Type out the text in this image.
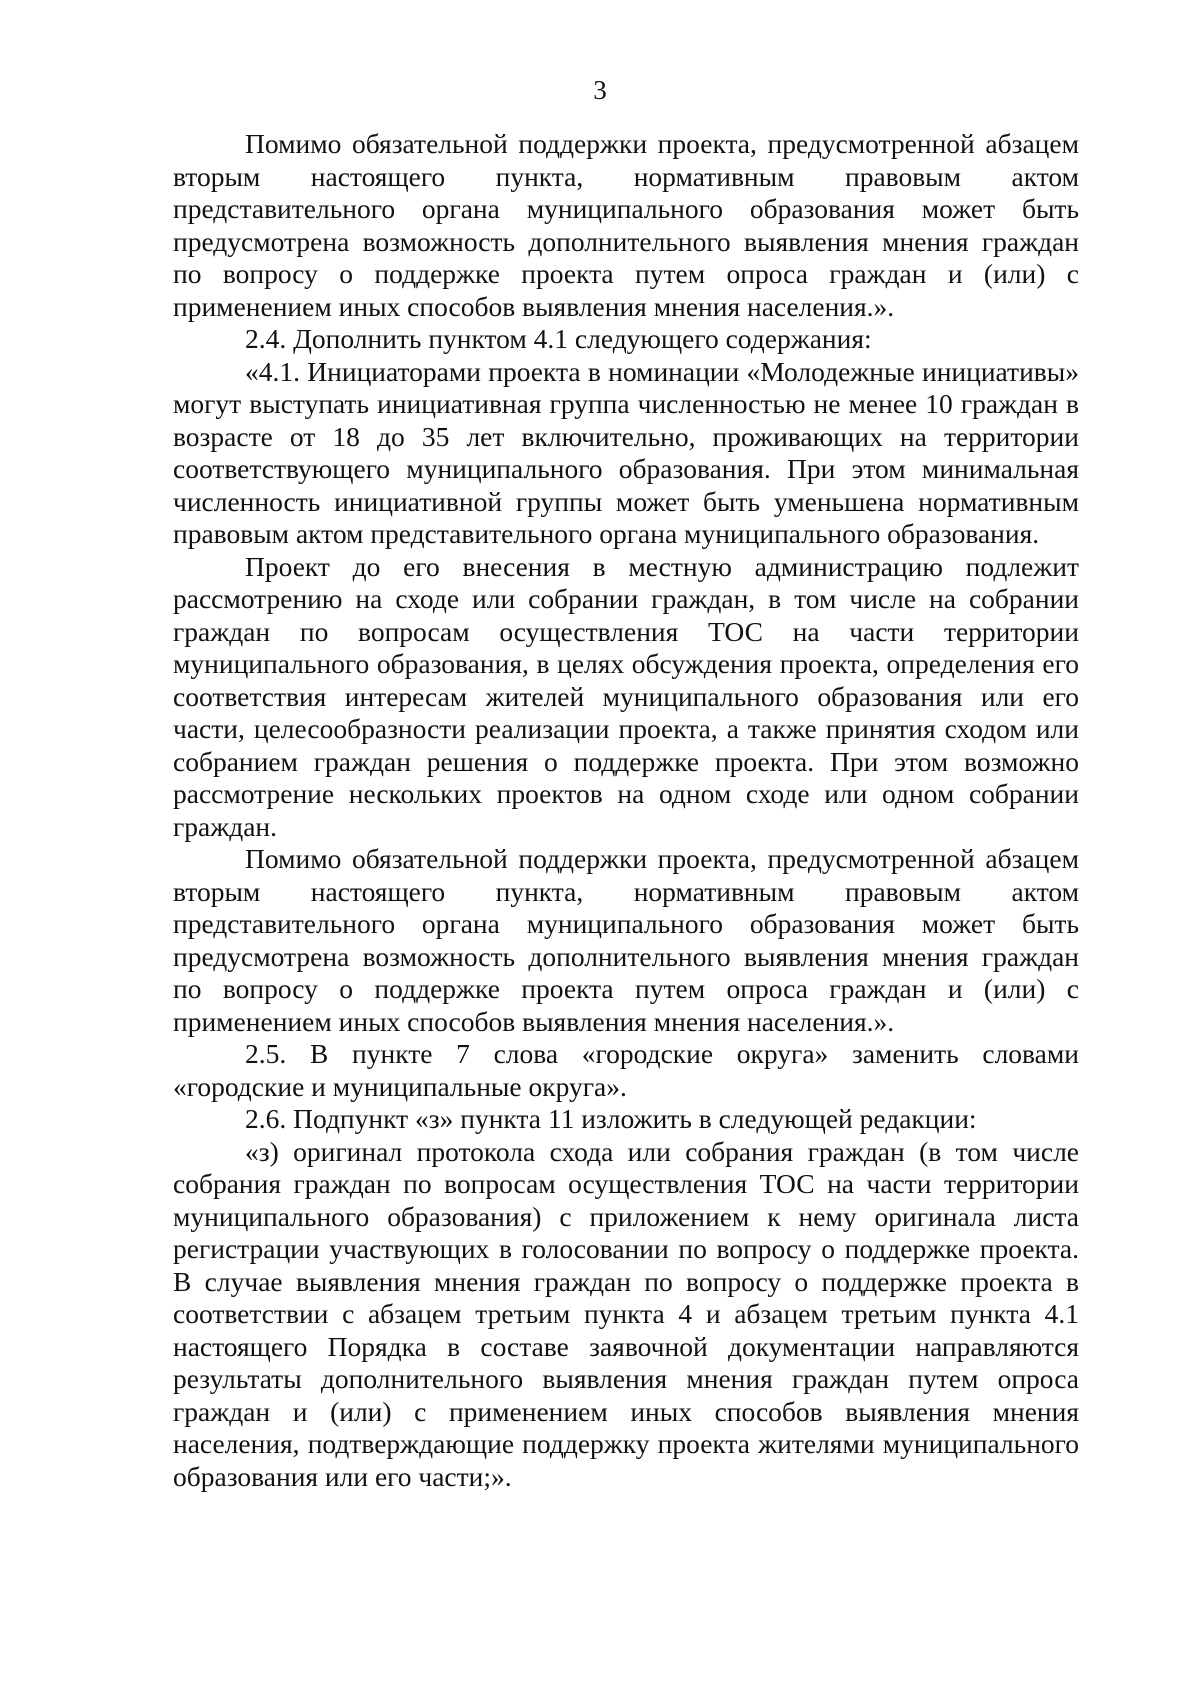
3

Помимо обязательной поддержки проекта, предусмотренной абзацем вторым настоящего пункта, нормативным правовым актом представительного органа муниципального образования может быть предусмотрена возможность дополнительного выявления мнения граждан по вопросу о поддержке проекта путем опроса граждан и (или) с применением иных способов выявления мнения населения.».

2.4. Дополнить пунктом 4.1 следующего содержания:

«4.1. Инициаторами проекта в номинации «Молодежные инициативы» могут выступать инициативная группа численностью не менее 10 граждан в возрасте от 18 до 35 лет включительно, проживающих на территории соответствующего муниципального образования. При этом минимальная численность инициативной группы может быть уменьшена нормативным правовым актом представительного органа муниципального образования.

Проект до его внесения в местную администрацию подлежит рассмотрению на сходе или собрании граждан, в том числе на собрании граждан по вопросам осуществления ТОС на части территории муниципального образования, в целях обсуждения проекта, определения его соответствия интересам жителей муниципального образования или его части, целесообразности реализации проекта, а также принятия сходом или собранием граждан решения о поддержке проекта. При этом возможно рассмотрение нескольких проектов на одном сходе или одном собрании граждан.

Помимо обязательной поддержки проекта, предусмотренной абзацем вторым настоящего пункта, нормативным правовым актом представительного органа муниципального образования может быть предусмотрена возможность дополнительного выявления мнения граждан по вопросу о поддержке проекта путем опроса граждан и (или) с применением иных способов выявления мнения населения.».

2.5. В пункте 7 слова «городские округа» заменить словами «городские и муниципальные округа».

2.6. Подпункт «з» пункта 11 изложить в следующей редакции:

«з) оригинал протокола схода или собрания граждан (в том числе собрания граждан по вопросам осуществления ТОС на части территории муниципального образования) с приложением к нему оригинала листа регистрации участвующих в голосовании по вопросу о поддержке проекта. В случае выявления мнения граждан по вопросу о поддержке проекта в соответствии с абзацем третьим пункта 4 и абзацем третьим пункта 4.1 настоящего Порядка в составе заявочной документации направляются результаты дополнительного выявления мнения граждан путем опроса граждан и (или) с применением иных способов выявления мнения населения, подтверждающие поддержку проекта жителями муниципального образования или его части;».
